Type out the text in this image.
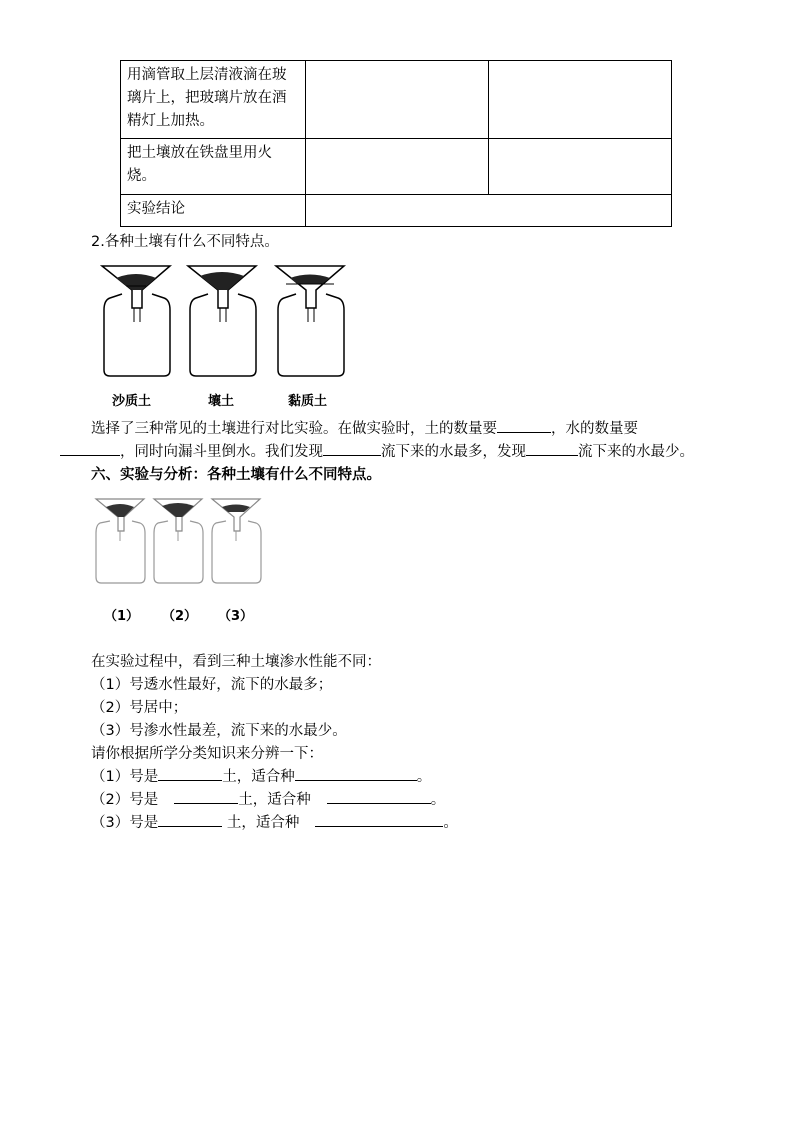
用滴管取上层清液滴在玻璃片上，把玻璃片放在酒精灯上加热。		

把土壤放在铁盘里用火烧。		

实验结论		
2.各种土壤有什么不同特点。
沙质土	壤土	黏质土
选择了三种常见的土壤进行对比实验。在做实验时，土的数量要	，水的数量要
，同时向漏斗里倒水。我们发现	流下来的水最多，发现	流下来的水最少。
六、实验与分析：各种土壤有什么不同特点。
（1） （2） （3）
在实验过程中，看到三种土壤渗水性能不同：
（1）号透水性最好，流下的水最多；
（2）号居中；
（3）号渗水性最差，流下来的水最少。
请你根据所学分类知识来分辨一下：
（1）号是	土，适合种	。
（2）号是	土，适合种	。
（3）号是	土，适合种	。
